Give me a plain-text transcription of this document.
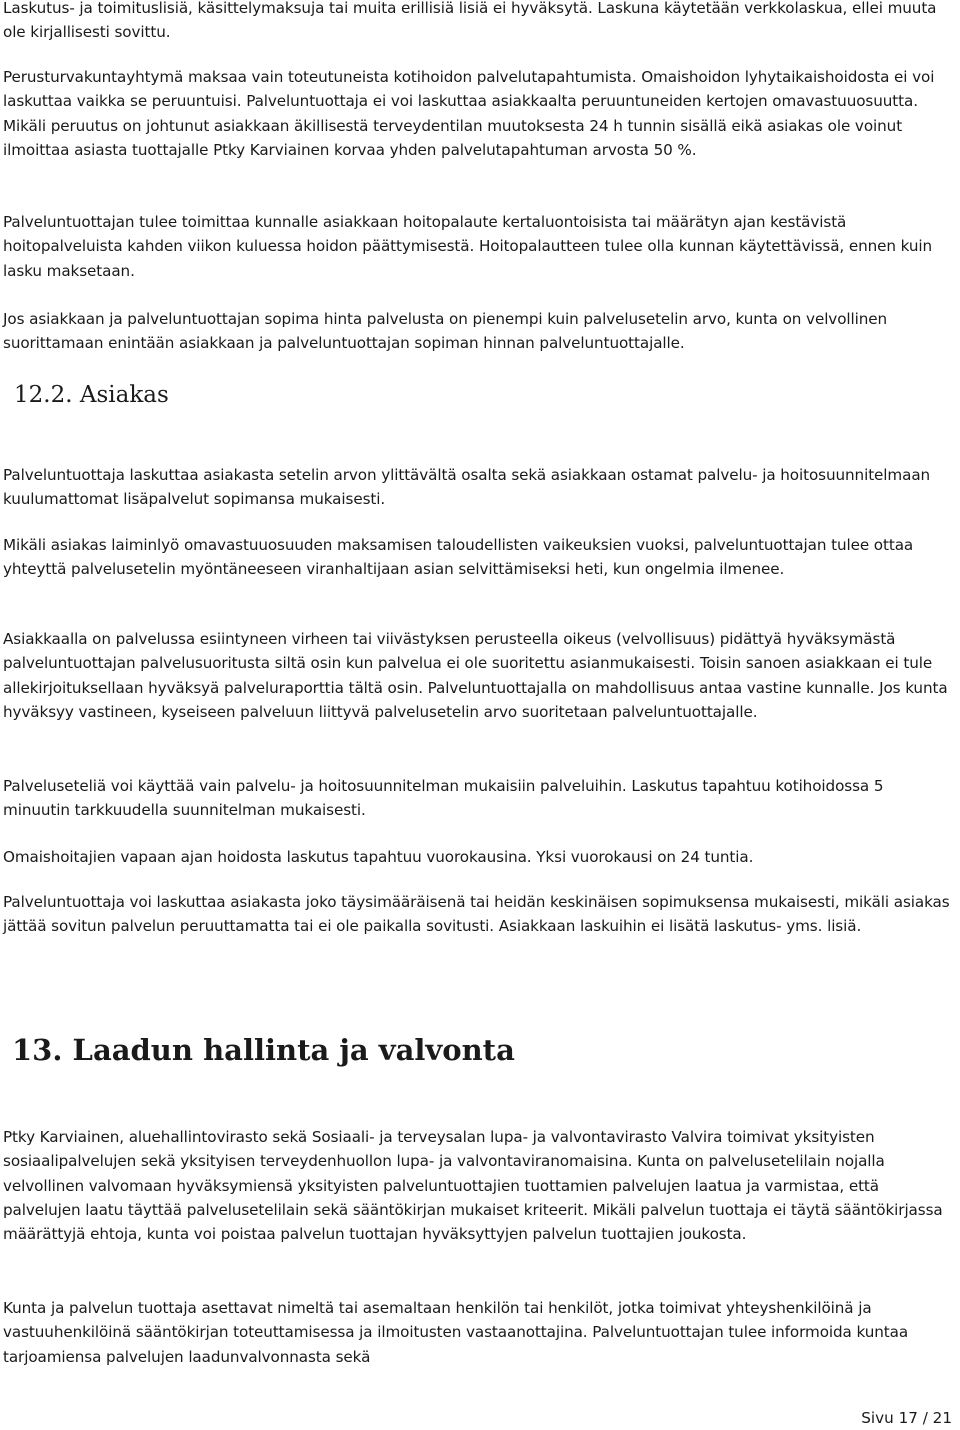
Laskutus- ja toimituslisiä, käsittelymaksuja tai muita erillisiä lisiä ei hyväksytä. Laskuna käytetään verkkolaskua, ellei muuta ole kirjallisesti sovittu.

Perusturvakuntayhtymä maksaa vain toteutuneista kotihoidon palvelutapahtumista. Omaishoidon lyhytaikaishoidosta ei voi laskuttaa vaikka se peruuntuisi. Palveluntuottaja ei voi laskuttaa asiakkaalta peruuntuneiden kertojen omavastuuosuutta. Mikäli peruutus on johtunut asiakkaan äkillisestä terveydentilan muutoksesta 24 h tunnin sisällä eikä asiakas ole voinut ilmoittaa asiasta tuottajalle Ptky Karviainen korvaa yhden palvelutapahtuman arvosta 50 %.

Palveluntuottajan tulee toimittaa kunnalle asiakkaan hoitopalaute kertaluontoisista tai määrätyn ajan kestävistä hoitopalveluista kahden viikon kuluessa hoidon päättymisestä. Hoitopalautteen tulee olla kunnan käytettävissä, ennen kuin lasku maksetaan.

Jos asiakkaan ja palveluntuottajan sopima hinta palvelusta on pienempi kuin palvelusetelin arvo, kunta on velvollinen suorittamaan enintään asiakkaan ja palveluntuottajan sopiman hinnan palveluntuottajalle.

12.2. Asiakas

Palveluntuottaja laskuttaa asiakasta setelin arvon ylittävältä osalta sekä asiakkaan ostamat palvelu- ja hoitosuunnitelmaan kuulumattomat lisäpalvelut sopimansa mukaisesti.

Mikäli asiakas laiminlyö omavastuuosuuden maksamisen taloudellisten vaikeuksien vuoksi, palveluntuottajan tulee ottaa yhteyttä palvelusetelin myöntäneeseen viranhaltijaan asian selvittämiseksi heti, kun ongelmia ilmenee.

Asiakkaalla on palvelussa esiintyneen virheen tai viivästyksen perusteella oikeus (velvollisuus) pidättyä hyväksymästä palveluntuottajan palvelusuoritusta siltä osin kun palvelua ei ole suoritettu asianmukaisesti. Toisin sanoen asiakkaan ei tule allekirjoituksellaan hyväksyä palveluraporttia tältä osin. Palveluntuottajalla on mahdollisuus antaa vastine kunnalle. Jos kunta hyväksyy vastineen, kyseiseen palveluun liittyvä palvelusetelin arvo suoritetaan palveluntuottajalle.

Palveluseteliä voi käyttää vain palvelu- ja hoitosuunnitelman mukaisiin palveluihin. Laskutus tapahtuu kotihoidossa 5 minuutin tarkkuudella suunnitelman mukaisesti.

Omaishoitajien vapaan ajan hoidosta laskutus tapahtuu vuorokausina. Yksi vuorokausi on 24 tuntia.

Palveluntuottaja voi laskuttaa asiakasta joko täysimääräisenä tai heidän keskinäisen sopimuksensa mukaisesti, mikäli asiakas jättää sovitun palvelun peruuttamatta tai ei ole paikalla sovitusti. Asiakkaan laskuihin ei lisätä laskutus- yms. lisiä.

13. Laadun hallinta ja valvonta

Ptky Karviainen, aluehallintovirasto sekä Sosiaali- ja terveysalan lupa- ja valvontavirasto Valvira toimivat yksityisten sosiaalipalvelujen sekä yksityisen terveydenhuollon lupa- ja valvontaviranomaisina. Kunta on palvelusetelilain nojalla velvollinen valvomaan hyväksymiensä yksityisten palveluntuottajien tuottamien palvelujen laatua ja varmistaa, että palvelujen laatu täyttää palvelusetelilain sekä sääntökirjan mukaiset kriteerit. Mikäli palvelun tuottaja ei täytä sääntökirjassa määrättyjä ehtoja, kunta voi poistaa palvelun tuottajan hyväksyttyjen palvelun tuottajien joukosta.

Kunta ja palvelun tuottaja asettavat nimeltä tai asemaltaan henkilön tai henkilöt, jotka toimivat yhteyshenkilöinä ja vastuuhenkilöinä sääntökirjan toteuttamisessa ja ilmoitusten vastaanottajina. Palveluntuottajan tulee informoida kuntaa tarjoamiensa palvelujen laadunvalvonnasta sekä

Sivu 17 / 21
